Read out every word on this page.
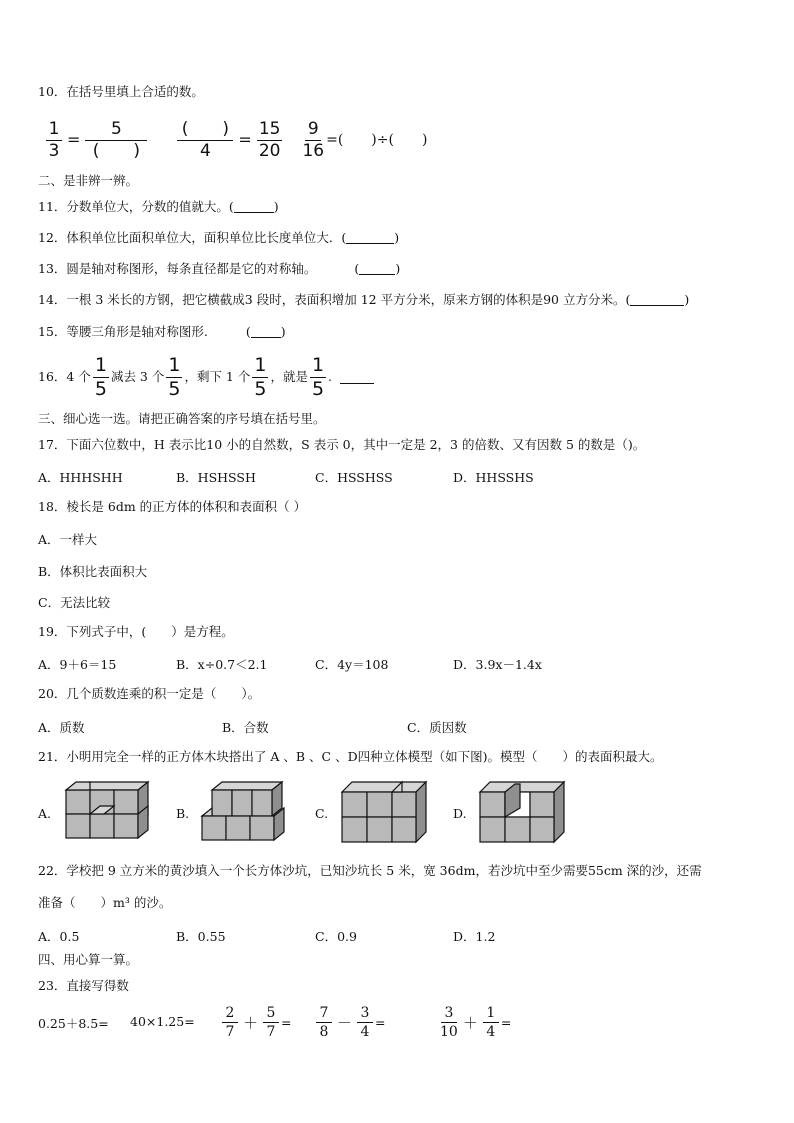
10．在括号里填上合适的数。
$\frac{1}{3} = \frac{5}{( )} \frac{( )}{4} = \frac{15}{20} \frac{9}{16}$ =(　　)÷(　　)
二、是非辨一辨。
11．分数单位大，分数的值就大。(	)
12．体积单位比面积单位大，面积单位比长度单位大．(	)
13．圆是轴对称图形，每条直径都是它的对称轴。	(	)
14．一根 3 米长的方钢，把它横截成3 段时，表面积增加 12 平方分米，原来方钢的体积是90 立方分米。(	)
15．等腰三角形是轴对称图形.	( )
16．4 个 $\frac{1}{5}$ 减去 3 个 $\frac{1}{5}$ ，剩下 1 个 $\frac{1}{5}$ ，就是 $\frac{1}{5}$ .
三、细心选一选。请把正确答案的序号填在括号里。
17．下面六位数中，H 表示比10 小的自然数，S 表示 0，其中一定是 2，3 的倍数、又有因数 5 的数是（)。
A．HHHSHH	B．HSHSSH	C．HSSHSS	D．HHSSHS
18．棱长是 6dm 的正方体的体积和表面积（ ）
A．一样大
B．体积比表面积大
C．无法比较
19．下列式子中，(　　）是方程。
A．9＋6＝15	B．x÷0.7＜2.1	C．4y＝108	D．3.9x－1.4x
20．几个质数连乘的积一定是（　　）。
A．质数	B．合数	C．质因数
21．小明用完全一样的正方体木块搭出了 A 、B 、C 、D四种立体模型（如下图)。模型（　　）的表面积最大。
A.	B.	C.	D.
22．学校把 9 立方米的黄沙填入一个长方体沙坑，已知沙坑长 5 米，宽 36dm，若沙坑中至少需要55cm 深的沙，还需
准备（　　）m³ 的沙。
A．0.5	B．0.55	C．0.9	D．1.2
四、用心算一算。
23．直接写得数
$0.25+8.5= 40\times 1.25= \frac{2}{7} + \frac{5}{7} = \frac{7}{8} - \frac{3}{4}$ =	$\frac{3}{10} + \frac{1}{4}$ =
